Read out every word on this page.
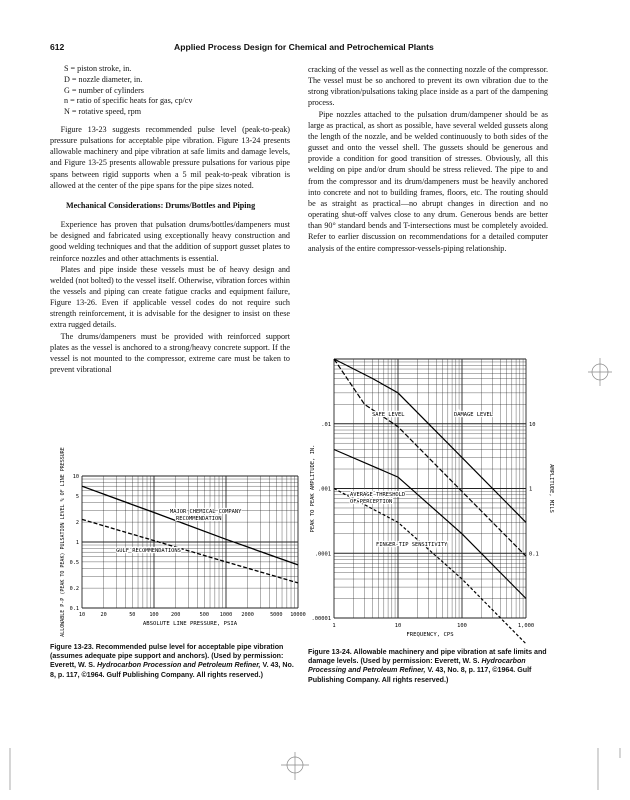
612	Applied Process Design for Chemical and Petrochemical Plants
S = piston stroke, in.
D = nozzle diameter, in.
G = number of cylinders
n = ratio of specific heats for gas, cp/cv
N = rotative speed, rpm

Figure 13-23 suggests recommended pulse level (peak-to-peak) pressure pulsations for acceptable pipe vibration. Figure 13-24 presents allowable machinery and pipe vibration at safe limits and damage levels, and Figure 13-25 presents allowable pressure pulsations for various pipe spans between rigid supports when a 5 mil peak-to-peak vibration is allowed at the center of the pipe spans for the pipe sizes noted.

Mechanical Considerations: Drums/Bottles and Piping

Experience has proven that pulsation drums/bottles/dampeners must be designed and fabricated using exceptionally heavy construction and good welding techniques and that the addition of support gusset plates to reinforce nozzles and other attachments is essential.

Plates and pipe inside these vessels must be of heavy design and welded (not bolted) to the vessel itself. Otherwise, vibration forces within the vessels and piping can create fatigue cracks and equipment failure, Figure 13-26. Even if applicable vessel codes do not require such strength reinforcement, it is advisable for the designer to insist on these extra rugged details.

The drums/dampeners must be provided with reinforced support plates as the vessel is anchored to a strong/heavy concrete support. If the vessel is not mounted to the compressor, extreme care must be taken to prevent vibrational

cracking of the vessel as well as the connecting nozzle of the compressor. The vessel must be so anchored to prevent its own vibration due to the strong vibration/pulsations taking place inside as a part of the dampening process.

Pipe nozzles attached to the pulsation drum/dampener should be as large as practical, as short as possible, have several welded gussets along the length of the nozzle, and be welded continuously to both sides of the gusset and onto the vessel shell. The gussets should be generous and provide a condition for good transition of stresses. Obviously, all this welding on pipe and/or drum should be stress relieved. The pipe to and from the compressor and its drum/dampeners must be heavily anchored into concrete and not to building frames, floors, etc. The routing should be as straight as practical—no abrupt changes in direction and no operating shut-off valves close to any drum. Generous bends are better than 90° standard bends and T-intersections must be completely avoided. Refer to earlier discussion on recommendations for a detailed computer analysis of the entire compressor-vessels-piping relationship.

10	20	50	100 200	500 1000 2000	5000 10000
10
5
2
1
0.5
0.2
0.1
ABSOLUTE LINE PRESSURE, PSIA
ALLOWABLE P-P (PEAK TO PEAK) PULSATION LEVEL % OF LINE PRESSURE	MAJOR CHEMICAL COMPANY
RECOMMENDATION
GULF RECOMMENDATIONS
1	10	100	1,000
.01
.001
.0001
.00001
10
1
0.1
FREQUENCY, CPS
PEAK TO PEAK AMPLITUDE, IN.	AMPLITUDE, MILS
SAFE LEVEL	DAMAGE LEVEL
AVERAGE THRESHOLD
OF PERCEPTION
FINGER-TIP SENSITIVITY
Figure 13-23. Recommended pulse level for acceptable pipe vibration (assumes adequate pipe support and anchors). (Used by permission: Everett, W. S. Hydrocarbon Procession and Petroleum Refiner, V. 43, No. 8, p. 117, ©1964. Gulf Publishing Company. All rights reserved.)
Figure 13-24. Allowable machinery and pipe vibration at safe limits and damage levels. (Used by permission: Everett, W. S. Hydrocarbon Processing and Petroleum Refiner, V. 43, No. 8, p. 117, ©1964. Gulf Publishing Company. All rights reserved.)
